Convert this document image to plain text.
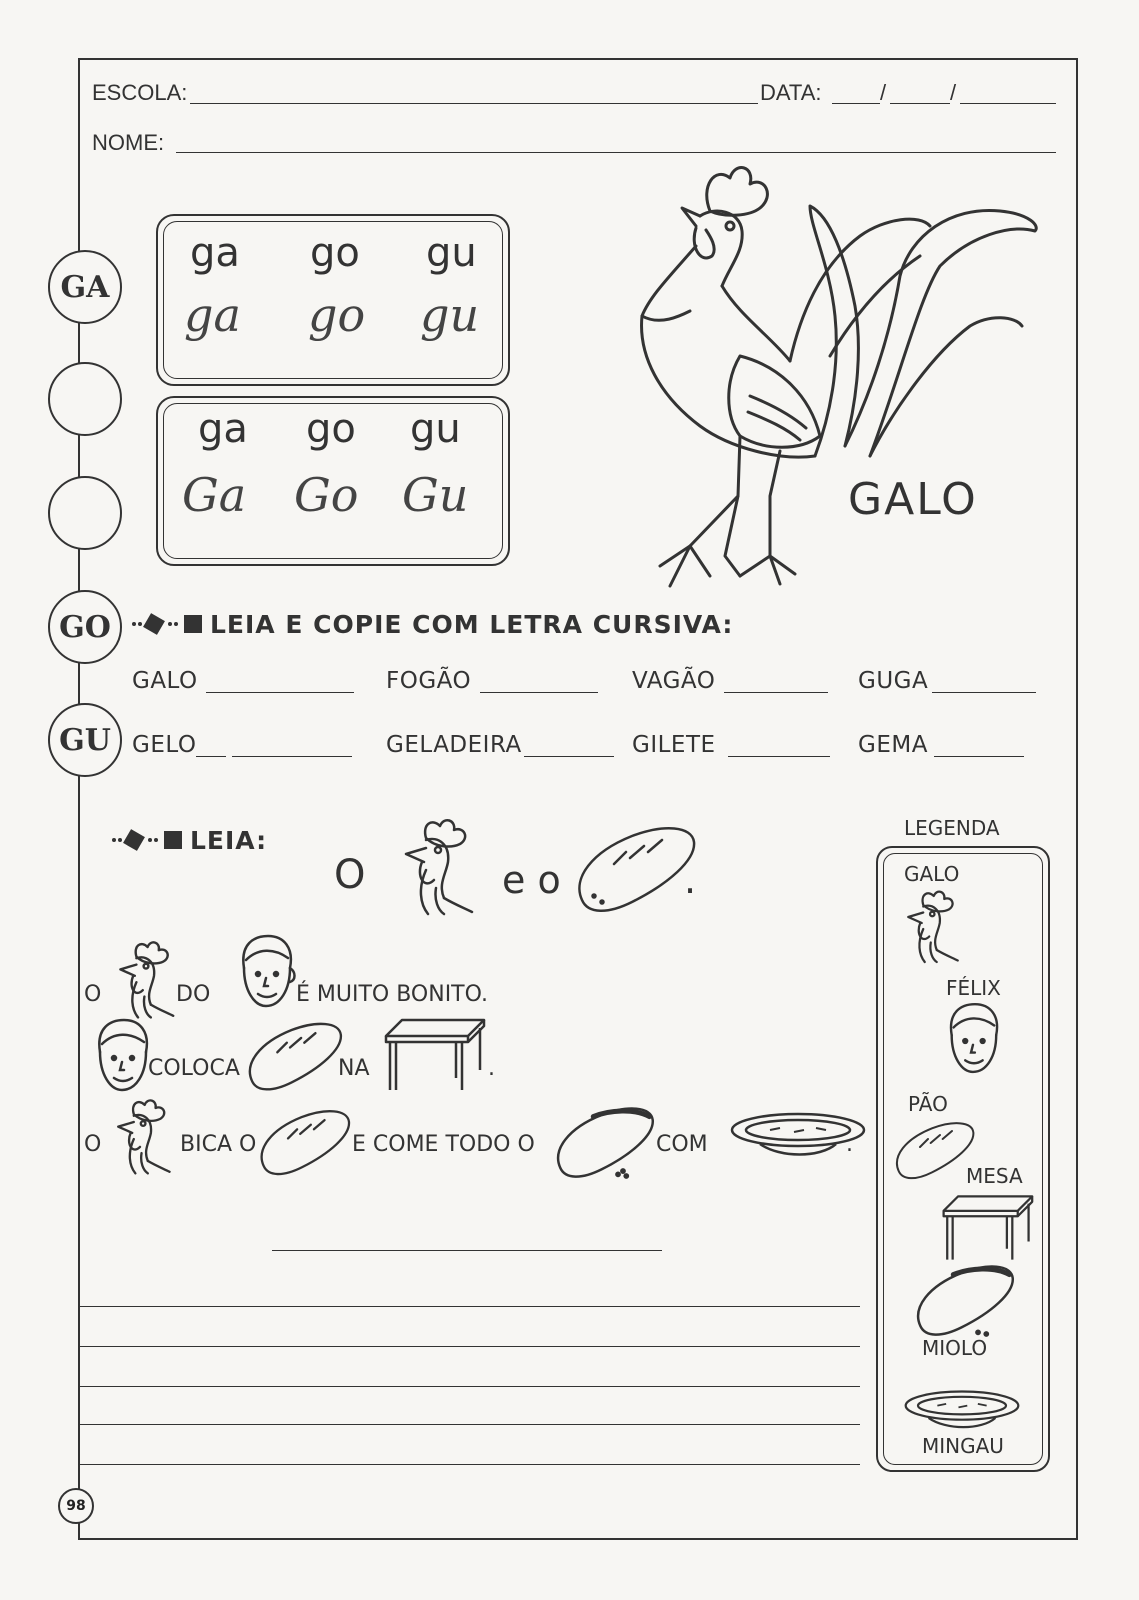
ESCOLA:	DATA:	/	/
NOME:
GA
GO
GU
ga go gu
ga go gu
ga go gu
Ga Go Gu	GALO
LEIA E COPIE COM LETRA CURSIVA:
GALO	FOGÃO	VAGÃO	GUGA
GELO	GELADEIRA	GILETE	GEMA
LEIA:
O	e o	.
O	DO	É MUITO BONITO.
COLOCA	NA	.
O	BICA O	E COME TODO O	COM	.
LEGENDA
GALO
FÉLIX
PÃO
MESA
MIOLO
MINGAU
98
